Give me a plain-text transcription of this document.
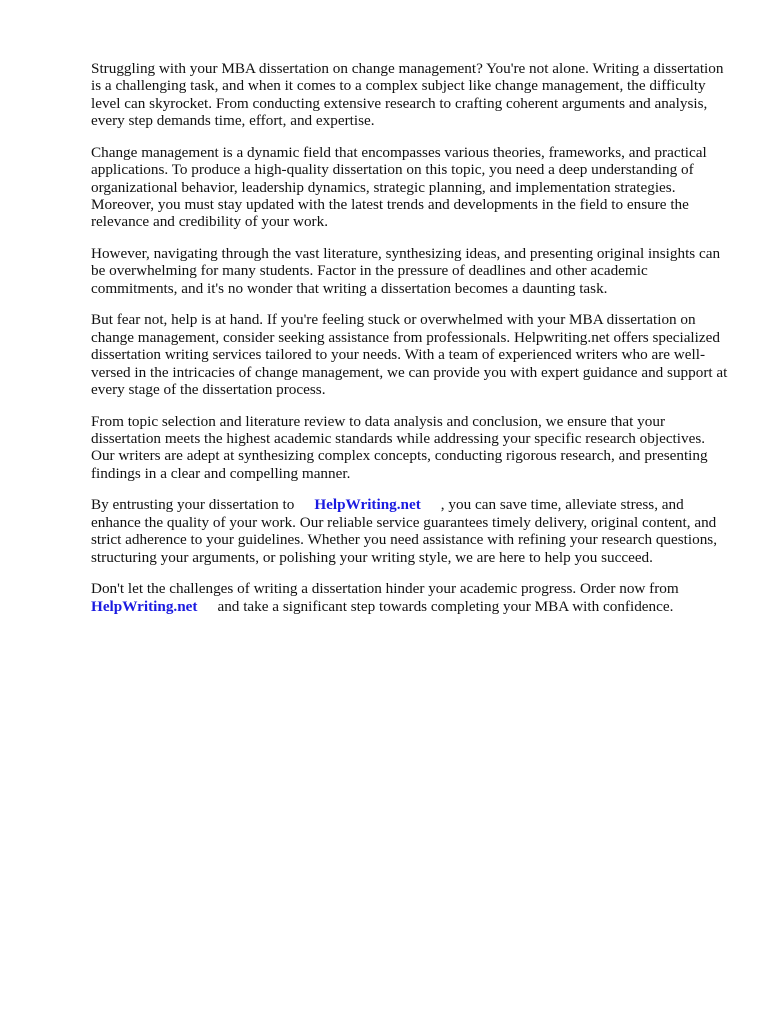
Struggling with your MBA dissertation on change management? You're not alone. Writing a dissertation is a challenging task, and when it comes to a complex subject like change management, the difficulty level can skyrocket. From conducting extensive research to crafting coherent arguments and analysis, every step demands time, effort, and expertise.

Change management is a dynamic field that encompasses various theories, frameworks, and practical applications. To produce a high-quality dissertation on this topic, you need a deep understanding of organizational behavior, leadership dynamics, strategic planning, and implementation strategies. Moreover, you must stay updated with the latest trends and developments in the field to ensure the relevance and credibility of your work.

However, navigating through the vast literature, synthesizing ideas, and presenting original insights can be overwhelming for many students. Factor in the pressure of deadlines and other academic commitments, and it's no wonder that writing a dissertation becomes a daunting task.

But fear not, help is at hand. If you're feeling stuck or overwhelmed with your MBA dissertation on change management, consider seeking assistance from professionals. Helpwriting.net offers specialized dissertation writing services tailored to your needs. With a team of experienced writers who are well-versed in the intricacies of change management, we can provide you with expert guidance and support at every stage of the dissertation process.

From topic selection and literature review to data analysis and conclusion, we ensure that your dissertation meets the highest academic standards while addressing your specific research objectives. Our writers are adept at synthesizing complex concepts, conducting rigorous research, and presenting findings in a clear and compelling manner.

By entrusting your dissertation to HelpWriting.net , you can save time, alleviate stress, and enhance the quality of your work. Our reliable service guarantees timely delivery, original content, and strict adherence to your guidelines. Whether you need assistance with refining your research questions, structuring your arguments, or polishing your writing style, we are here to help you succeed.

Don't let the challenges of writing a dissertation hinder your academic progress. Order now from HelpWriting.net and take a significant step towards completing your MBA with confidence.
